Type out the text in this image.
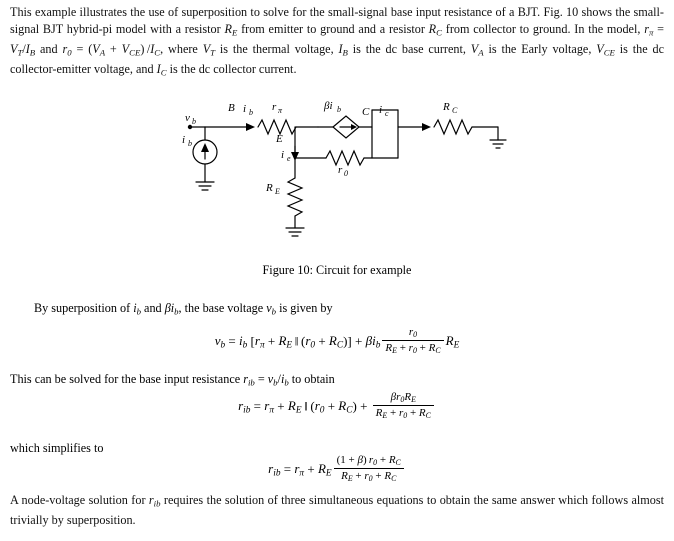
This example illustrates the use of superposition to solve for the small-signal base input resistance of a BJT. Fig. 10 shows the small-signal BJT hybrid-pi model with a resistor $R_E$ from emitter to ground and a resistor $R_C$ from collector to ground. In the model, $r_\pi = V_T/I_B$ and $r_0 = (V_A + V_{CE})$ $/I_C$, where $V_T$ is the thermal voltage, $I_B$ is the dc base current, $V_A$ is the Early voltage, $V_{CE}$ is the dc collector-emitter voltage, and $I_C$ is the dc collector current.
B i b r π	βi b C i c
R C
v b
i b	E
i e
r 0
R E
Figure 10: Circuit for example
By superposition of $i_b$ and $\beta i_b$, the base voltage $v_b$ is given by
$v_b = i_b$ [$r_\pi + R_E$ ‖ $(r_0 + R_C)] + \beta i_b \frac{r_0}{R_E + r_0 + R_C} R_E$
This can be solved for the base input resistance $r_{ib} = v_b/i_b$ to obtain
$r_{ib} = r_\pi + R_E$ ‖ $(r_0 + R_C) + \frac{\beta r_0R_E}{R_E + r_0 + R_C}$
which simplifies to
$r_{ib} = r_\pi + R_E \frac{(1 + \beta) r_0 + R_C}{R_E + r_0 + R_C}$
A node-voltage solution for $r_{ib}$ requires the solution of three simultaneous equations to obtain the same answer which follows almost trivially by superposition.
